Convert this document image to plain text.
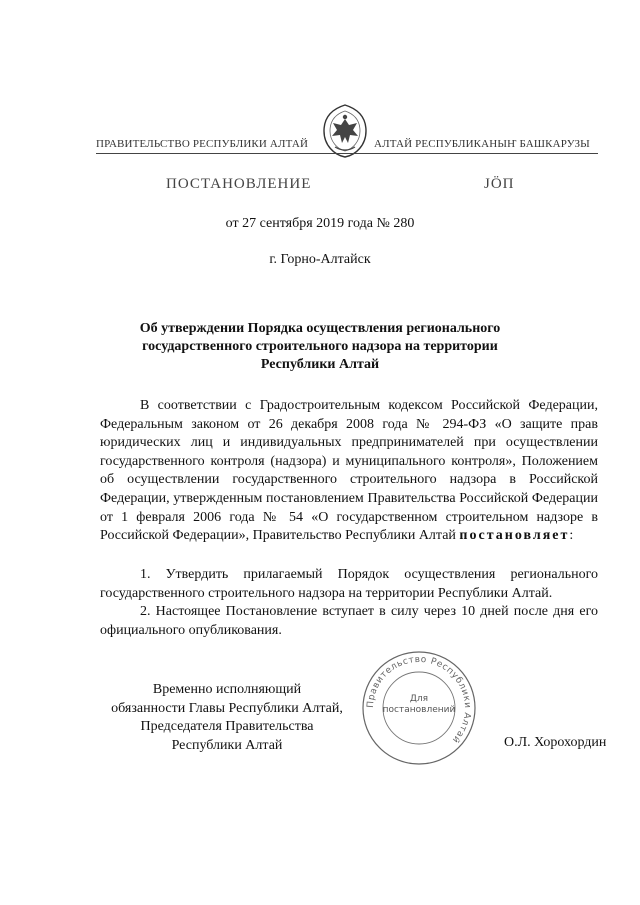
ПРАВИТЕЛЬСТВО РЕСПУБЛИКИ АЛТАЙ	АЛТАЙ РЕСПУБЛИКАНЫҤ БАШКАРУЗЫ
ПОСТАНОВЛЕНИЕ	ЈӦП
от 27 сентября 2019 года № 280
г. Горно-Алтайск
Об утверждении Порядка осуществления регионального государственного строительного надзора на территории Республики Алтай
В соответствии с Градостроительным кодексом Российской Федерации, Федеральным законом от 26 декабря 2008 года № 294-ФЗ «О защите прав юридических лиц и индивидуальных предпринимателей при осуществлении государственного контроля (надзора) и муниципального контроля», Положением об осуществлении государственного строительного надзора в Российской Федерации, утвержденным постановлением Правительства Российской Федерации от 1 февраля 2006 года № 54 «О государственном строительном надзоре в Российской Федерации», Правительство Республики Алтай постановляет:

1. Утвердить прилагаемый Порядок осуществления регионального государственного строительного надзора на территории Республики Алтай.

2. Настоящее Постановление вступает в силу через 10 дней после дня его официального опубликования.

Временно исполняющий
обязанности Главы Республики Алтай,
Председателя Правительства
Республики Алтай
Правительство Республики Алтай
Для
постановлений
О.Л. Хорохордин
